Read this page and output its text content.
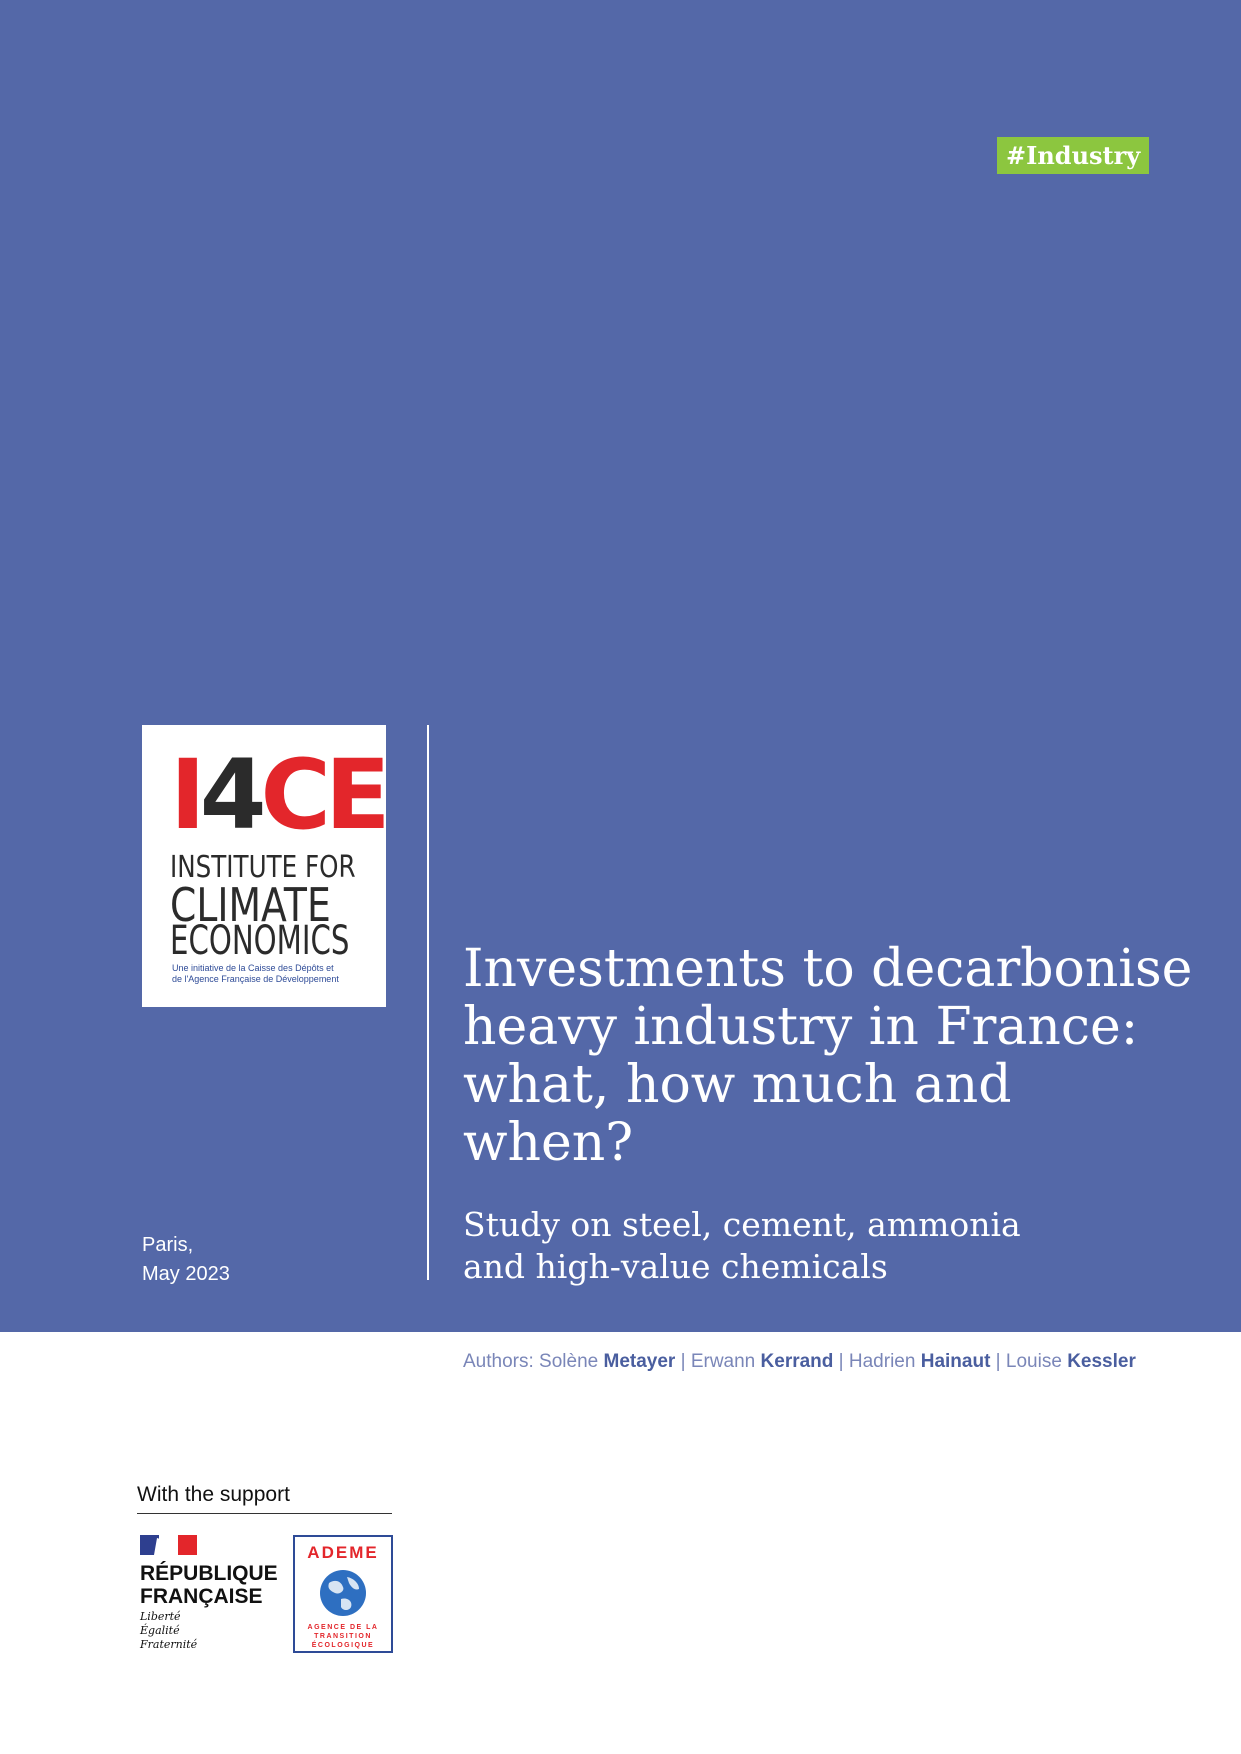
#Industry
I4CE
INSTITUTE FOR
CLIMATE
ECONOMICS
Une initiative de la Caisse des Dépôts et
de l'Agence Française de Développement Investments to decarbonise
heavy industry in France:
what, how much and
when?
Study on steel, cement, ammonia
and high-value chemicals
Paris,
May 2023
Authors: Solène Metayer | Erwann Kerrand | Hadrien Hainaut | Louise Kessler
With the support
RÉPUBLIQUE
FRANÇAISE
Liberté
Égalité
Fraternité
ADEME
AGENCE DE LA
TRANSITION
ÉCOLOGIQUE
